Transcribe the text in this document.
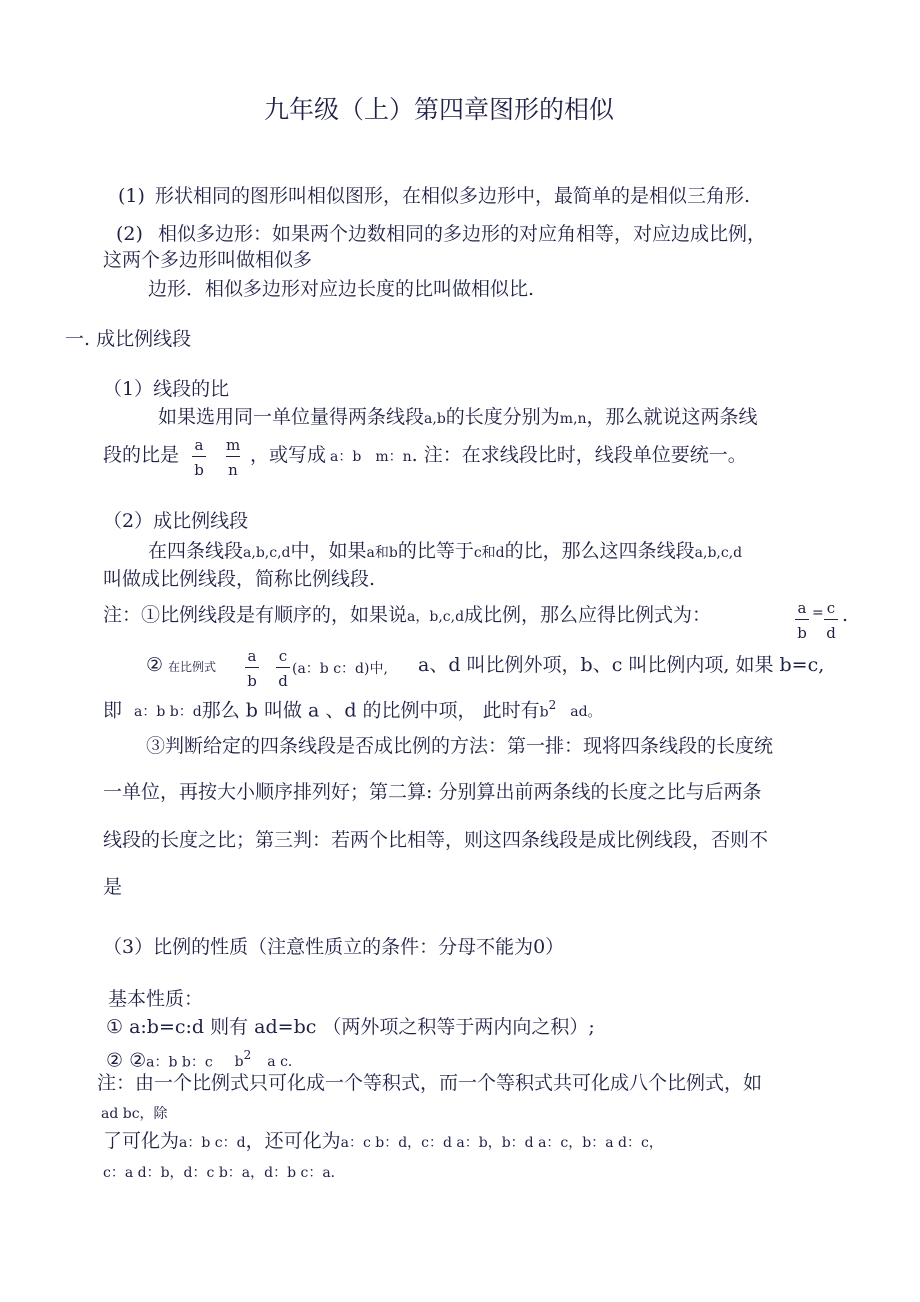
九年级（上）第四章图形的相似
(1) 形状相同的图形叫相似图形，在相似多边形中，最简单的是相似三角形.
(2) 相似多边形：如果两个边数相同的多边形的对应角相等，对应边成比例，
这两个多边形叫做相似多
边形．相似多边形对应边长度的比叫做相似比.
一. 成比例线段
（1）线段的比
如果选用同一单位量得两条线段a,b的长度分别为m,n，那么就说这两条线
段的比是 a
b
m
n
，或写成 a：b m：n. 注：在求线段比时，线段单位要统一。
（2）成比例线段
在四条线段a,b,c,d中，如果a和b的比等于c和d的比，那么这四条线段a,b,c,d
叫做成比例线段，简称比例线段.
注：①比例线段是有顺序的，如果说a，b,c,d成比例，那么应得比例式为：	a
b
= c
d
.
② 在比例式
a
b
c
d
(a：b c：d)中, a、d 叫比例外项，b、c 叫比例内项, 如果 b=c,
即 a：b b：d那么 b 叫做 a 、d 的比例中项， 此时有$b^2$ ad。
③判断给定的四条线段是否成比例的方法：第一排：现将四条线段的长度统
一单位，再按大小顺序排列好；第二算: 分别算出前两条线的长度之比与后两条
线段的长度之比；第三判：若两个比相等，则这四条线段是成比例线段，否则不
是
（3）比例的性质（注意性质立的条件：分母不能为0）
基本性质：
① a:b=c:d 则有 ad=bc （两外项之积等于两内向之积）;
② ②a：b b：c $b^2$ a c．
注：由一个比例式只可化成一个等积式，而一个等积式共可化成八个比例式，如
ad bc，除
了可化为a：b c：d，还可化为a：c b：d，c：d a：b，b：d a：c，b：a d：c，
c：a d：b，d：c b：a，d：b c：a．
